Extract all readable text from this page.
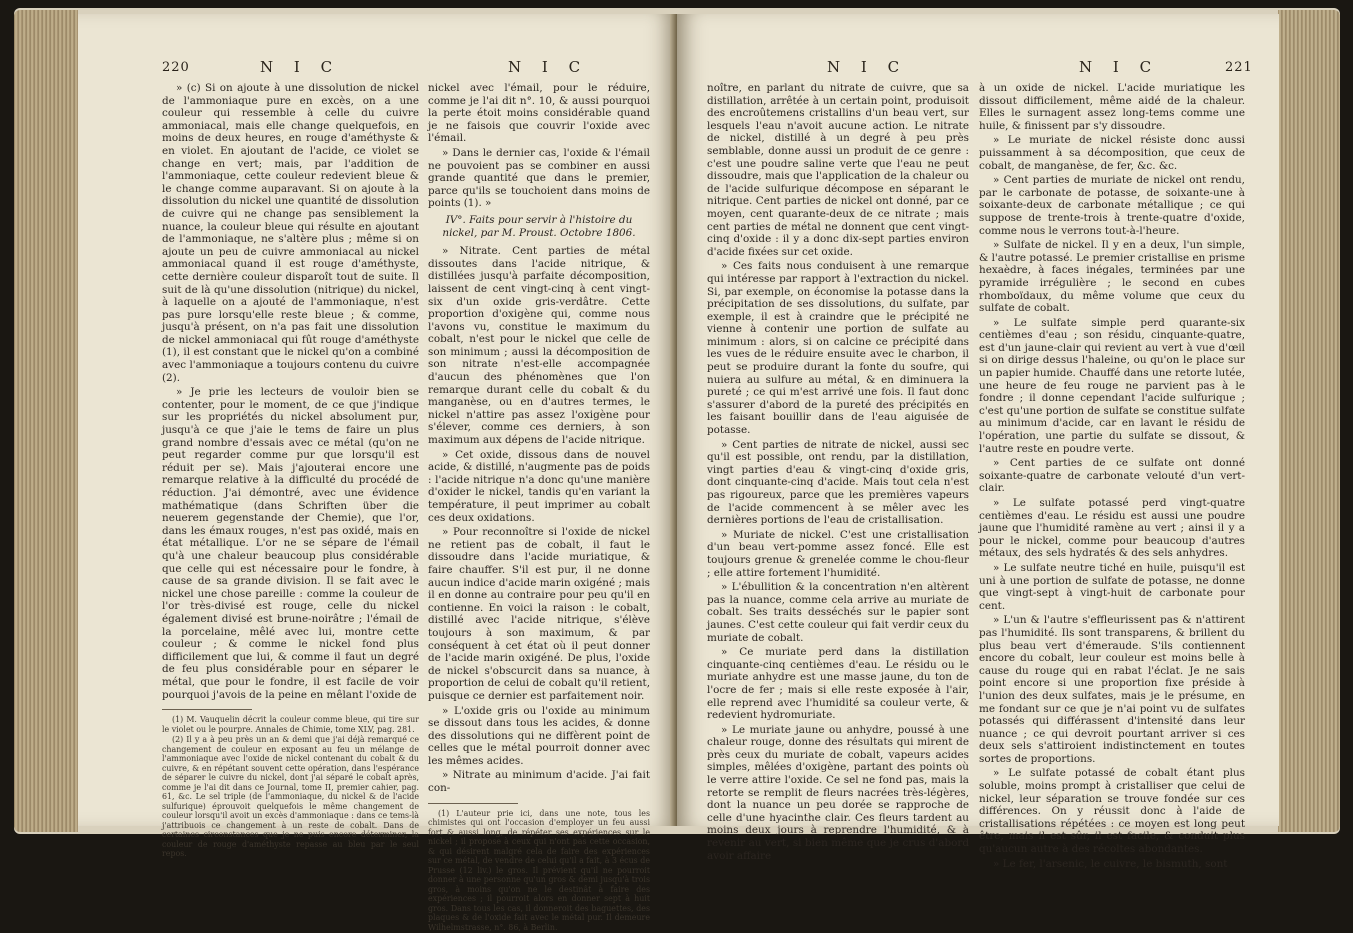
220	N I C	N I C

» (c) Si on ajoute à une dissolution de nickel de l'ammoniaque pure en excès, on a une couleur qui ressemble à celle du cuivre ammoniacal, mais elle change quelquefois, en moins de deux heures, en rouge d'améthyste & en violet. En ajoutant de l'acide, ce violet se change en vert; mais, par l'addition de l'ammoniaque, cette couleur redevient bleue & le change comme auparavant. Si on ajoute à la dissolution du nickel une quantité de dissolution de cuivre qui ne change pas sensiblement la nuance, la couleur bleue qui résulte en ajoutant de l'ammoniaque, ne s'altère plus ; même si on ajoute un peu de cuivre ammoniacal au nickel ammoniacal quand il est rouge d'améthyste, cette dernière couleur disparoît tout de suite. Il suit de là qu'une dissolution (nitrique) du nickel, à laquelle on a ajouté de l'ammoniaque, n'est pas pure lorsqu'elle reste bleue ; & comme, jusqu'à présent, on n'a pas fait une dissolution de nickel ammoniacal qui fût rouge d'améthyste (1), il est constant que le nickel qu'on a combiné avec l'ammoniaque a toujours contenu du cuivre (2).

» Je prie les lecteurs de vouloir bien se contenter, pour le moment, de ce que j'indique sur les propriétés du nickel absolument pur, jusqu'à ce que j'aie le tems de faire un plus grand nombre d'essais avec ce métal (qu'on ne peut regarder comme pur que lorsqu'il est réduit per se). Mais j'ajouterai encore une remarque relative à la difficulté du procédé de réduction. J'ai démontré, avec une évidence mathématique (dans Schriften über die neuerem gegenstande der Chemie), que l'or, dans les émaux rouges, n'est pas oxidé, mais en état métallique. L'or ne se sépare de l'émail qu'à une chaleur beaucoup plus considérable que celle qui est nécessaire pour le fondre, à cause de sa grande division. Il se fait avec le nickel une chose pareille : comme la couleur de l'or très-divisé est rouge, celle du nickel également divisé est brune-noirâtre ; l'émail de la porcelaine, mêlé avec lui, montre cette couleur ; & comme le nickel fond plus difficilement que lui, & comme il faut un degré de feu plus considérable pour en séparer le métal, que pour le fondre, il est facile de voir pourquoi j'avois de la peine en mêlant l'oxide de

(1) M. Vauquelin décrit la couleur comme bleue, qui tire sur le violet ou le pourpre. Annales de Chimie, tome XLV, pag. 281.

(2) Il y a à peu près un an & demi que j'ai déjà remarqué ce changement de couleur en exposant au feu un mélange de l'ammoniaque avec l'oxide de nickel contenant du cobalt & du cuivre, & en répétant souvent cette opération, dans l'espérance de séparer le cuivre du nickel, dont j'ai séparé le cobalt après, comme je l'ai dit dans ce Journal, tome II, premier cahier, pag. 61, &c. Le sel triple (de l'ammoniaque, du nickel & de l'acide sulfurique) éprouvoit quelquefois le même changement de couleur lorsqu'il avoit un excès d'ammoniaque : dans ce tems-là j'attribuois ce changement à un reste de cobalt. Dans de certaines circonstances que je ne puis encore déterminer, la couleur de rouge d'améthyste repasse au bleu par le seul repos.

nickel avec l'émail, pour le réduire, comme je l'ai dit n°. 10, & aussi pourquoi la perte étoit moins considérable quand je ne faisois que couvrir l'oxide avec l'émail.

» Dans le dernier cas, l'oxide & l'émail ne pouvoient pas se combiner en aussi grande quantité que dans le premier, parce qu'ils se touchoient dans moins de points (1). »

IV°. Faits pour servir à l'histoire du nickel, par M. Proust. Octobre 1806.

» Nitrate. Cent parties de métal dissoutes dans l'acide nitrique, & distillées jusqu'à parfaite décomposition, laissent de cent vingt-cinq à cent vingt-six d'un oxide gris-verdâtre. Cette proportion d'oxigène qui, comme nous l'avons vu, constitue le maximum du cobalt, n'est pour le nickel que celle de son minimum ; aussi la décomposition de son nitrate n'est-elle accompagnée d'aucun des phénomènes que l'on remarque durant celle du cobalt & du manganèse, ou en d'autres termes, le nickel n'attire pas assez l'oxigène pour s'élever, comme ces derniers, à son maximum aux dépens de l'acide nitrique.

» Cet oxide, dissous dans de nouvel acide, & distillé, n'augmente pas de poids : l'acide nitrique n'a donc qu'une manière d'oxider le nickel, tandis qu'en variant la température, il peut imprimer au cobalt ces deux oxidations.

» Pour reconnoître si l'oxide de nickel ne retient pas de cobalt, il faut le dissoudre dans l'acide muriatique, & faire chauffer. S'il est pur, il ne donne aucun indice d'acide marin oxigéné ; mais il en donne au contraire pour peu qu'il en contienne. En voici la raison : le cobalt, distillé avec l'acide nitrique, s'élève toujours à son maximum, & par conséquent à cet état où il peut donner de l'acide marin oxigéné. De plus, l'oxide de nickel s'obscurcit dans sa nuance, à proportion de celui de cobalt qu'il retient, puisque ce dernier est parfaitement noir.

» L'oxide gris ou l'oxide au minimum se dissout dans tous les acides, & donne des dissolutions qui ne diffèrent point de celles que le métal pourroit donner avec les mêmes acides.

» Nitrate au minimum d'acide. J'ai fait con-

(1) L'auteur prie ici, dans une note, tous les chimistes qui ont l'occasion d'employer un feu aussi fort & aussi long, de répéter ses expériences sur le nickel ; il propose à ceux qui n'ont pas cette occasion, & qui désirent malgré cela de faire des expériences sur ce métal, de vendre de celui qu'il a fait, à 3 écus de Prusse (12 liv.) le gros. Il prévient qu'il ne pourroit donner à une personne qu'un gros & demi jusqu'à trois gros, à moins qu'on ne le destinât à faire des expériences ; il pourroit alors en donner sept à huit gros. Dans tous les cas, il donneroit des baguettes, des plaques & de l'oxide fait avec le métal pur. Il demeure Wilhelmstrasse, n°. 86, à Berlin.

N I C	N I C	221

noître, en parlant du nitrate de cuivre, que sa distillation, arrêtée à un certain point, produisoit des encroûtemens cristallins d'un beau vert, sur lesquels l'eau n'avoit aucune action. Le nitrate de nickel, distillé à un degré à peu près semblable, donne aussi un produit de ce genre : c'est une poudre saline verte que l'eau ne peut dissoudre, mais que l'application de la chaleur ou de l'acide sulfurique décompose en séparant le nitrique. Cent parties de nickel ont donné, par ce moyen, cent quarante-deux de ce nitrate ; mais cent parties de métal ne donnent que cent vingt-cinq d'oxide : il y a donc dix-sept parties environ d'acide fixées sur cet oxide.

» Ces faits nous conduisent à une remarque qui intéresse par rapport à l'extraction du nickel. Si, par exemple, on économise la potasse dans la précipitation de ses dissolutions, du sulfate, par exemple, il est à craindre que le précipité ne vienne à contenir une portion de sulfate au minimum : alors, si on calcine ce précipité dans les vues de le réduire ensuite avec le charbon, il peut se produire durant la fonte du soufre, qui nuiera au sulfure au métal, & en diminuera la pureté ; ce qui m'est arrivé une fois. Il faut donc s'assurer d'abord de la pureté des précipités en les faisant bouillir dans de l'eau aiguisée de potasse.

» Cent parties de nitrate de nickel, aussi sec qu'il est possible, ont rendu, par la distillation, vingt parties d'eau & vingt-cinq d'oxide gris, dont cinquante-cinq d'acide. Mais tout cela n'est pas rigoureux, parce que les premières vapeurs de l'acide commencent à se mêler avec les dernières portions de l'eau de cristallisation.

» Muriate de nickel. C'est une cristallisation d'un beau vert-pomme assez foncé. Elle est toujours grenue & grenelée comme le chou-fleur ; elle attire fortement l'humidité.

» L'ébullition & la concentration n'en altèrent pas la nuance, comme cela arrive au muriate de cobalt. Ses traits desséchés sur le papier sont jaunes. C'est cette couleur qui fait verdir ceux du muriate de cobalt.

» Ce muriate perd dans la distillation cinquante-cinq centièmes d'eau. Le résidu ou le muriate anhydre est une masse jaune, du ton de l'ocre de fer ; mais si elle reste exposée à l'air, elle reprend avec l'humidité sa couleur verte, & redevient hydromuriate.

» Le muriate jaune ou anhydre, poussé à une chaleur rouge, donne des résultats qui mirent de près ceux du muriate de cobalt, vapeurs acides simples, mêlées d'oxigène, partant des points où le verre attire l'oxide. Ce sel ne fond pas, mais la retorte se remplit de fleurs nacrées très-légères, dont la nuance un peu dorée se rapproche de celle d'une hyacinthe clair. Ces fleurs tardent au moins deux jours à reprendre l'humidité, & à revenir au vert, si bien même que je crus d'abord avoir affaire

à un oxide de nickel. L'acide muriatique les dissout difficilement, même aidé de la chaleur. Elles le surnagent assez long-tems comme une huile, & finissent par s'y dissoudre.

» Le muriate de nickel résiste donc aussi puissamment à sa décomposition, que ceux de cobalt, de manganèse, de fer, &c. &c.

» Cent parties de muriate de nickel ont rendu, par le carbonate de potasse, de soixante-une à soixante-deux de carbonate métallique ; ce qui suppose de trente-trois à trente-quatre d'oxide, comme nous le verrons tout-à-l'heure.

» Sulfate de nickel. Il y en a deux, l'un simple, & l'autre potassé. Le premier cristallise en prisme hexaèdre, à faces inégales, terminées par une pyramide irrégulière ; le second en cubes rhomboïdaux, du même volume que ceux du sulfate de cobalt.

» Le sulfate simple perd quarante-six centièmes d'eau ; son résidu, cinquante-quatre, est d'un jaune-clair qui revient au vert à vue d'œil si on dirige dessus l'haleine, ou qu'on le place sur un papier humide. Chauffé dans une retorte lutée, une heure de feu rouge ne parvient pas à le fondre ; il donne cependant l'acide sulfurique ; c'est qu'une portion de sulfate se constitue sulfate au minimum d'acide, car en lavant le résidu de l'opération, une partie du sulfate se dissout, & l'autre reste en poudre verte.

» Cent parties de ce sulfate ont donné soixante-quatre de carbonate velouté d'un vert-clair.

» Le sulfate potassé perd vingt-quatre centièmes d'eau. Le résidu est aussi une poudre jaune que l'humidité ramène au vert ; ainsi il y a pour le nickel, comme pour beaucoup d'autres métaux, des sels hydratés & des sels anhydres.

» Le sulfate neutre tiché en huile, puisqu'il est uni à une portion de sulfate de potasse, ne donne que vingt-sept à vingt-huit de carbonate pour cent.

» L'un & l'autre s'effleurissent pas & n'attirent pas l'humidité. Ils sont transparens, & brillent du plus beau vert d'émeraude. S'ils contiennent encore du cobalt, leur couleur est moins belle à cause du rouge qui en rabat l'éclat. Je ne sais point encore si une proportion fixe préside à l'union des deux sulfates, mais je le présume, en me fondant sur ce que je n'ai point vu de sulfates potassés qui différassent d'intensité dans leur nuance ; ce qui devroit pourtant arriver si ces deux sels s'attiroient indistinctement en toutes sortes de proportions.

» Le sulfate potassé de cobalt étant plus soluble, moins prompt à cristalliser que celui de nickel, leur séparation se trouve fondée sur ces différences. On y réussit donc à l'aide de cristallisations répétées : ce moyen est long peut être, mais il est sûr, il est facile, & conduit plus qu'aucun autre à des récoltes abondantes.

» Le fer, l'arsenic, le cuivre, le bismuth, sont
